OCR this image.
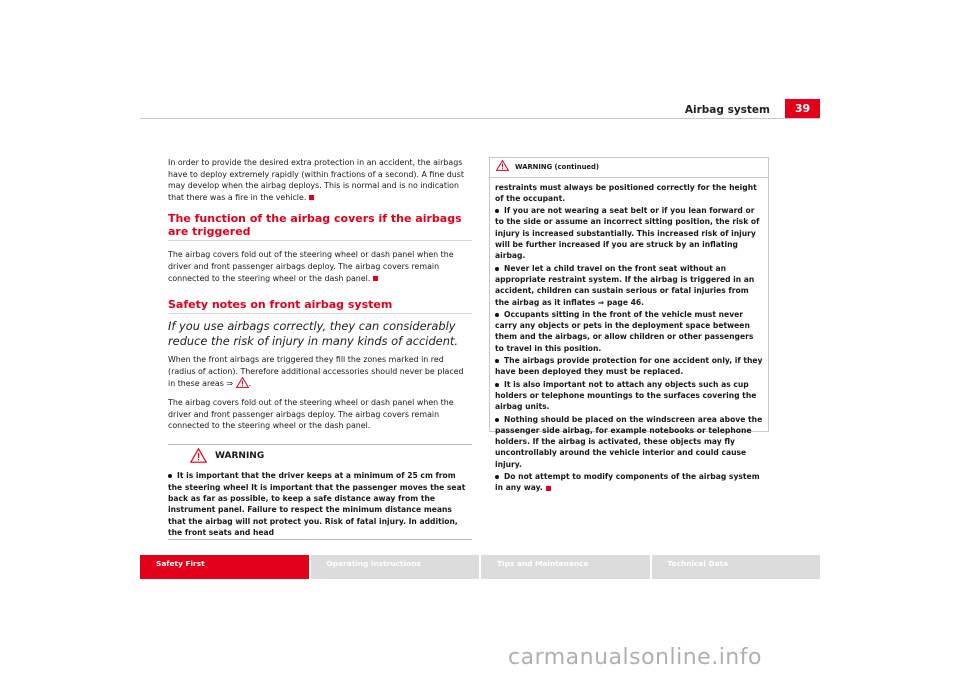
Airbag system	39

In order to provide the desired extra protection in an accident, the airbags have to deploy extremely rapidly (within fractions of a second). A fine dust may develop when the airbag deploys. This is normal and is no indication that there was a fire in the vehicle.

The function of the airbag covers if the airbags are triggered

The airbag covers fold out of the steering wheel or dash panel when the driver and front passenger airbags deploy. The airbag covers remain connected to the steering wheel or the dash panel.

Safety notes on front airbag system
If you use airbags correctly, they can considerably reduce the risk of injury in many kinds of accident.

When the front airbags are triggered they fill the zones marked in red (radius of action). Therefore additional accessories should never be placed in these areas ⇒ .

The airbag covers fold out of the steering wheel or dash panel when the driver and front passenger airbags deploy. The airbag covers remain connected to the steering wheel or the dash panel.

WARNING

It is important that the driver keeps at a minimum of 25 cm from the steering wheel It is important that the passenger moves the seat back as far as possible, to keep a safe distance away from the instrument panel. Failure to respect the minimum distance means that the airbag will not protect you. Risk of fatal injury. In addition, the front seats and head

WARNING (continued)

restraints must always be positioned correctly for the height of the occupant.

If you are not wearing a seat belt or if you lean forward or to the side or assume an incorrect sitting position, the risk of injury is increased substantially. This increased risk of injury will be further increased if you are struck by an inflating airbag.

Never let a child travel on the front seat without an appropriate restraint system. If the airbag is triggered in an accident, children can sustain serious or fatal injuries from the airbag as it inflates ⇒ page 46.

Occupants sitting in the front of the vehicle must never carry any objects or pets in the deployment space between them and the airbags, or allow children or other passengers to travel in this position.

The airbags provide protection for one accident only, if they have been deployed they must be replaced.

It is also important not to attach any objects such as cup holders or telephone mountings to the surfaces covering the airbag units.

Nothing should be placed on the windscreen area above the passenger side airbag, for example notebooks or telephone holders. If the airbag is activated, these objects may fly uncontrollably around the vehicle interior and could cause injury.

Do not attempt to modify components of the airbag system in any way.

Safety First	Operating instructions	Tips and Maintenance	Technical Data
carmanualsonline.info
